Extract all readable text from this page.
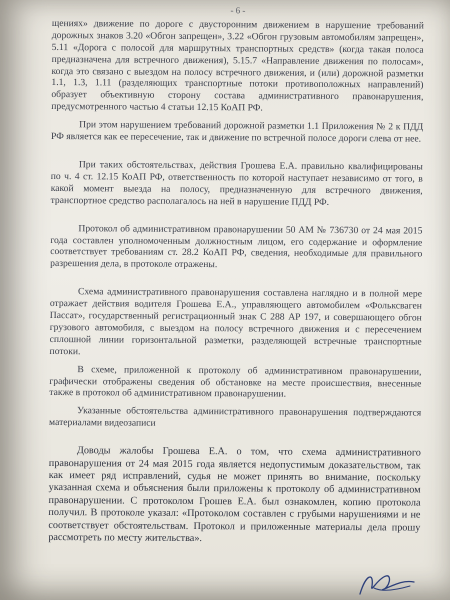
- 6 -

щениях» движение по дороге с двусторонним движением в нарушение требований дорожных знаков 3.20 «Обгон запрещен», 3.22 «Обгон грузовым автомобилям запрещен», 5.11 «Дорога с полосой для маршрутных транспортных средств» (когда такая полоса предназначена для встречного движения), 5.15.7 «Направление движения по полосам», когда это связано с выездом на полосу встречного движения, и (или) дорожной разметки 1.1, 1.3, 1.11 (разделяющих транспортные потоки противоположных направлений) образует объективную сторону состава административного правонарушения, предусмотренного частью 4 статьи 12.15 КоАП РФ.

При этом нарушением требований дорожной разметки 1.1 Приложения № 2 к ПДД РФ является как ее пересечение, так и движение по встречной полосе дороги слева от нее.

При таких обстоятельствах, действия Грошева Е.А. правильно квалифицированы по ч. 4 ст. 12.15 КоАП РФ, ответственность по которой наступает независимо от того, в какой момент выезда на полосу, предназначенную для встречного движения, транспортное средство располагалось на ней в нарушение ПДД РФ.

Протокол об административном правонарушении 50 АМ № 736730 от 24 мая 2015 года составлен уполномоченным должностным лицом, его содержание и оформление соответствует требованиям ст. 28.2 КоАП РФ, сведения, необходимые для правильного разрешения дела, в протоколе отражены.

Схема административного правонарушения составлена наглядно и в полной мере отражает действия водителя Грошева Е.А., управляющего автомобилем «Фольксваген Пассат», государственный регистрационный знак С 288 АР 197, и совершающего обгон грузового автомобиля, с выездом на полосу встречного движения и с пересечением сплошной линии горизонтальной разметки, разделяющей встречные транспортные потоки.

В схеме, приложенной к протоколу об административном правонарушении, графически отображены сведения об обстановке на месте происшествия, внесенные также в протокол об административном правонарушении.

Указанные обстоятельства административного правонарушения подтверждаются материалами видеозаписи

Доводы жалобы Грошева Е.А. о том, что схема административного правонарушения от 24 мая 2015 года является недопустимым доказательством, так как имеет ряд исправлений, судья не может принять во внимание, поскольку указанная схема и объяснения были приложены к протоколу об административном правонарушении. С протоколом Грошев Е.А. был ознакомлен, копию протокола получил. В протоколе указал: «Протоколом составлен с грубыми нарушениями и не соответствует обстоятельствам. Протокол и приложенные материалы дела прошу рассмотреть по месту жительства».
